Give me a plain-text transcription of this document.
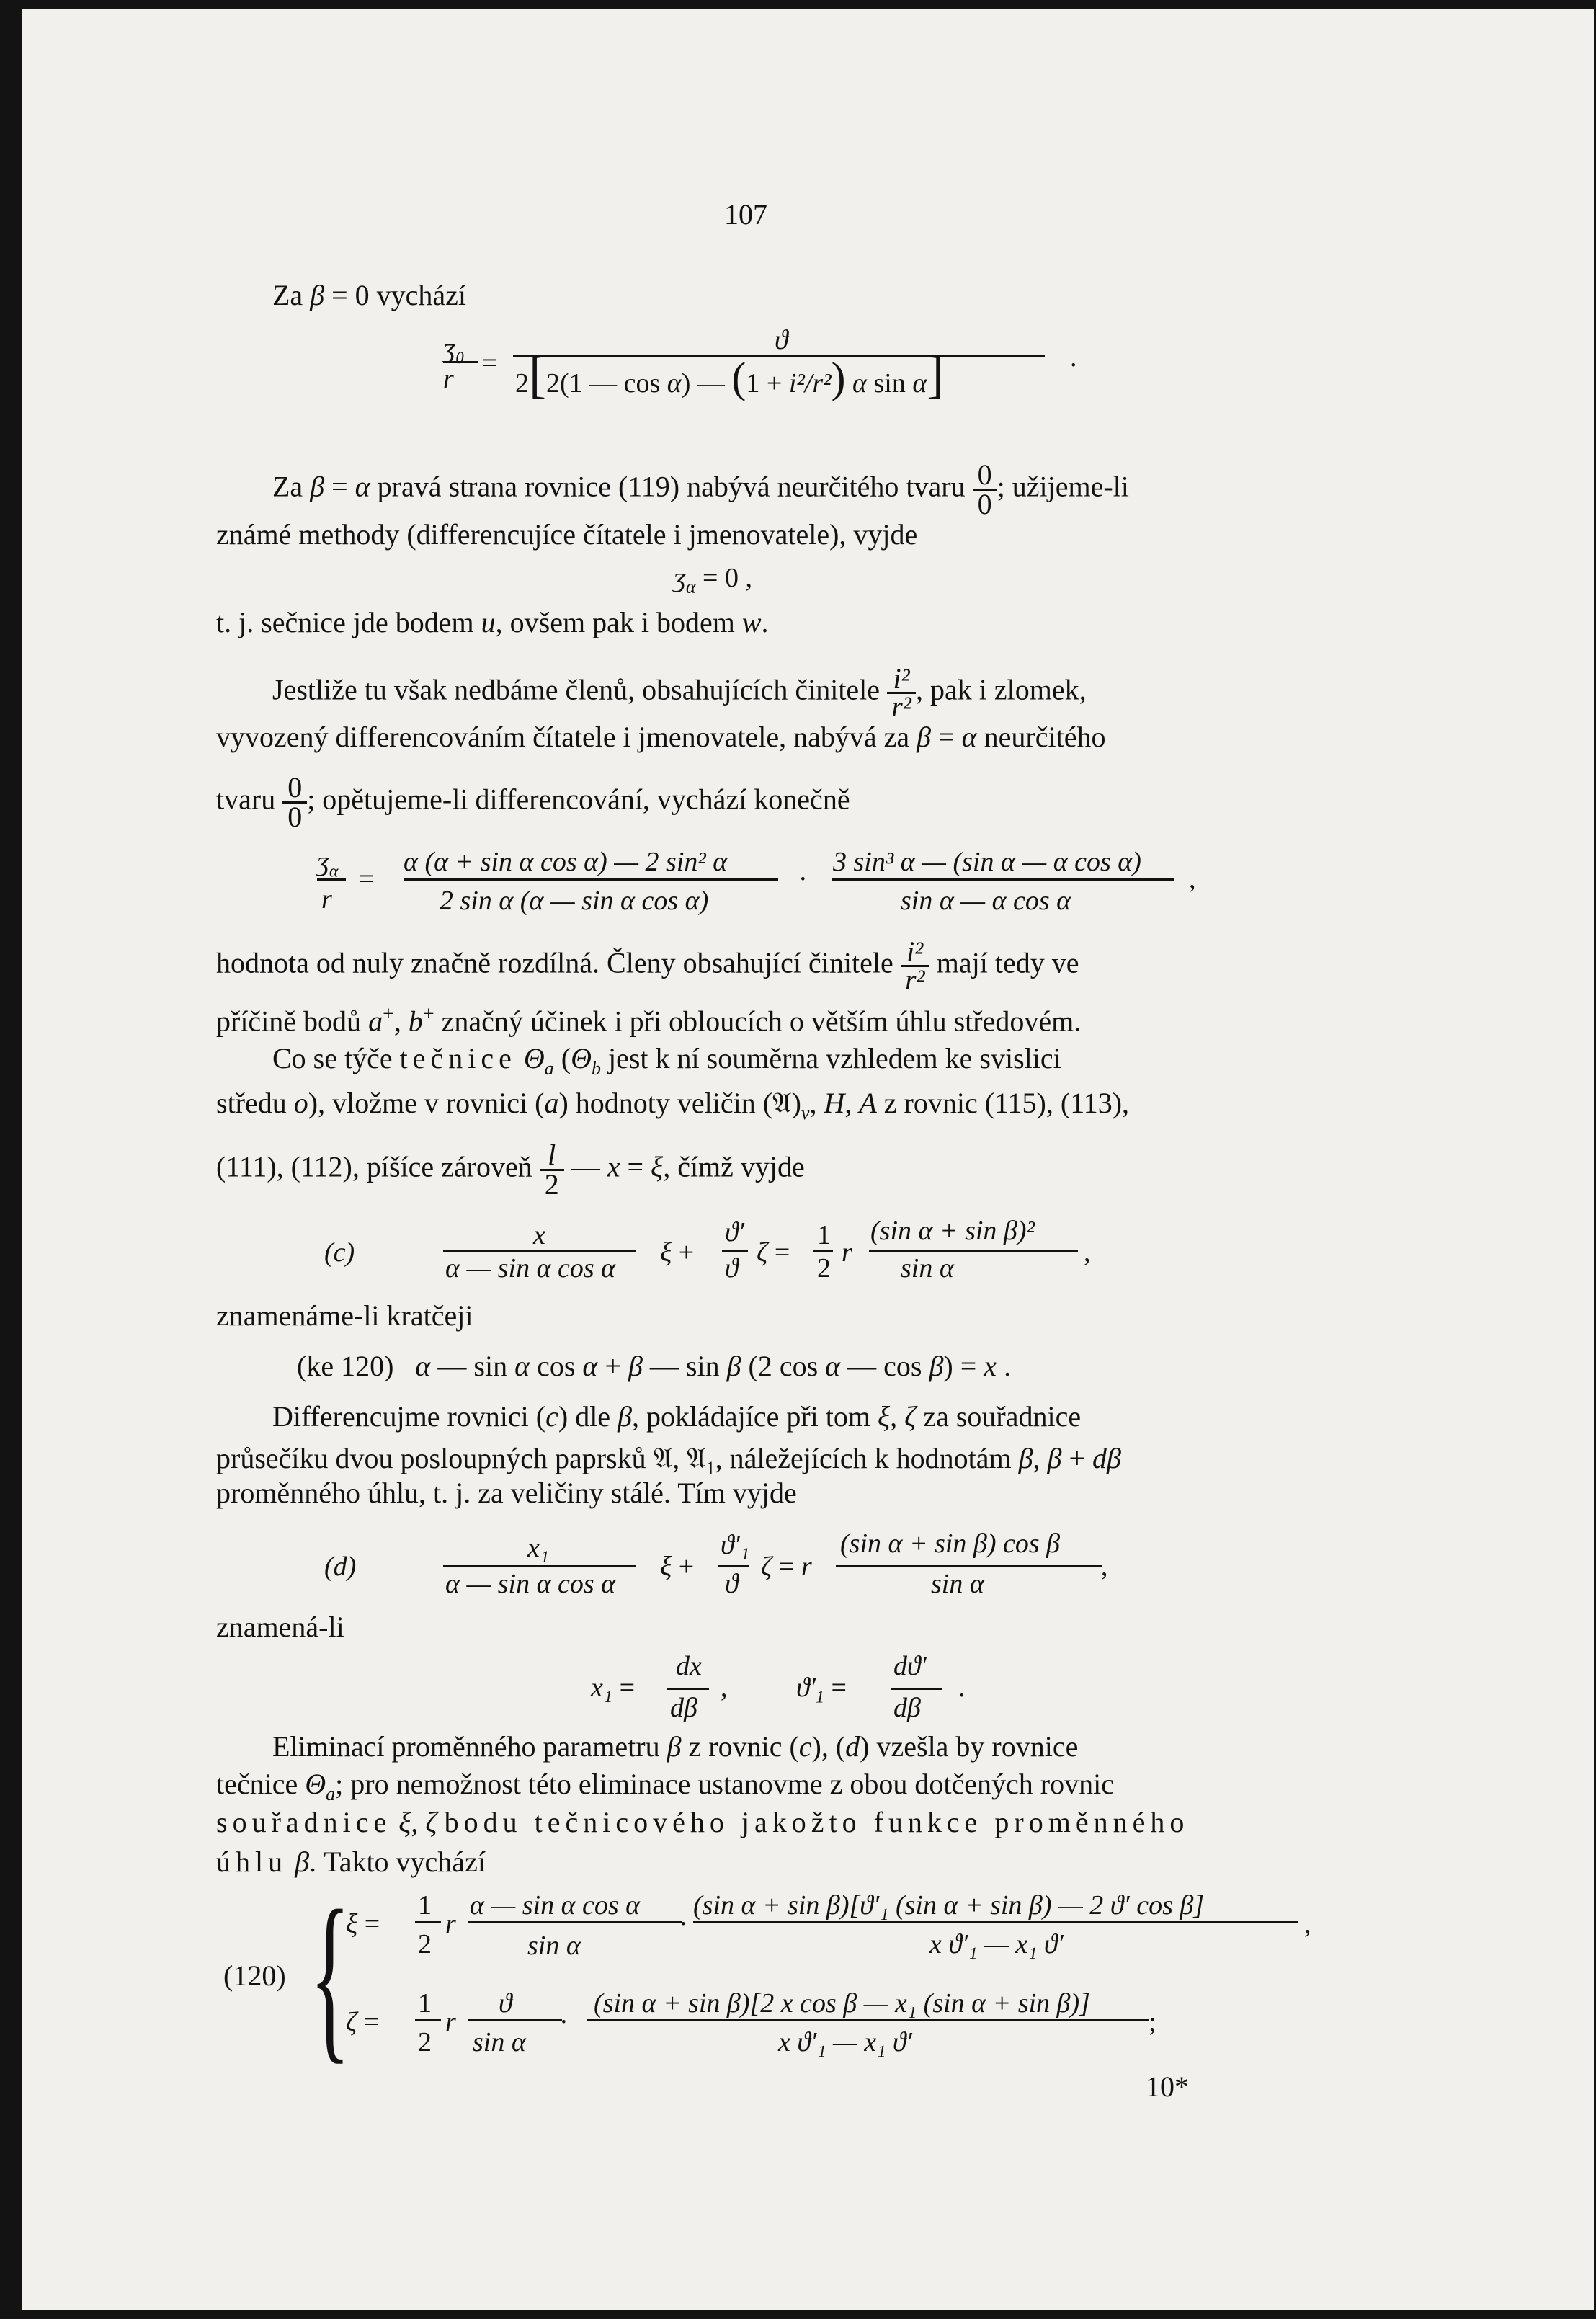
107
Za β = 0 vychází
ʒ₀
r
=
ϑ
2[2(1 — cos α) — (1 + i²/r²) α sin α]	.
Za β = α pravá strana rovnice (119) nabývá neurčitého tvaru 0
0; užijeme-li
známé methody (differencujíce čítatele i jmenovatele), vyjde
ʒ$_\alpha$ = 0 ,
t. j. sečnice jde bodem u, ovšem pak i bodem w.
Jestliže tu však nedbáme členů, obsahujících činitele i²
r², pak i zlomek,
vyvozený differencováním čítatele i jmenovatele, nabývá za β = α neurčitého
tvaru 0
0; opětujeme-li differencování, vychází konečně
ʒ$_\alpha$
r
=
α (α + sin α cos α) — 2 sin² α
2 sin α (α — sin α cos α)
·
3 sin³ α — (sin α — α cos α)
sin α — α cos α
,
hodnota od nuly značně rozdílná. Členy obsahující činitele i²
r² mají tedy ve
příčině bodů a+, b+ značný účinek i při obloucích o větším úhlu středovém.
Co se týče tečnice $\Theta_a$ ($\Theta_b$ jest k ní souměrna vzhledem ke svislici
středu o), vložme v rovnici (a) hodnoty veličin $(𝔄)_v$, H, A z rovnic (115), (113),
(111), (112), píšíce zároveň l
2 — x = ξ, čímž vyjde
(c)
x
α — sin α cos α
ξ +
ϑ′
ϑ
ζ =
1
2
r
(sin α + sin β)²
sin α
,
znamenáme-li kratčeji
(ke 120)   α — sin α cos α + β — sin β (2 cos α — cos β) = x .
Differencujme rovnici (c) dle β, pokládajíce při tom ξ, ζ za souřadnice
průsečíku dvou posloupných paprsků 𝔄, 𝔄$_1$, náležejících k hodnotám β, β + dβ
proměnného úhlu, t. j. za veličiny stálé. Tím vyjde
(d)
x₁
α — sin α cos α
ξ +
ϑ′₁
ϑ
ζ = r
(sin α + sin β) cos β
sin α
,
znamená-li
x₁ =
dx
dβ
,	$ϑ'_1$ =
dϑ′
dβ
.
Eliminací proměnného parametru β z rovnic (c), (d) vzešla by rovnice
tečnice $\Theta_a$; pro nemožnost této eliminace ustanovme z obou dotčených rovnic
souřadnice ξ, ζ bodu tečnicového jakožto funkce proměnného
úhlu β. Takto vychází
(120) {
ξ =
1
2
r
α — sin α cos α
sin α
·
(sin α + sin β)[ϑ′₁ (sin α + sin β) — 2 ϑ′ cos β]
x ϑ′₁ — x₁ ϑ′
,
ζ =
1
2
r
ϑ
sin α
·
(sin α + sin β)[2 x cos β — x₁ (sin α + sin β)]
x ϑ′₁ — x₁ ϑ′
;
10*
